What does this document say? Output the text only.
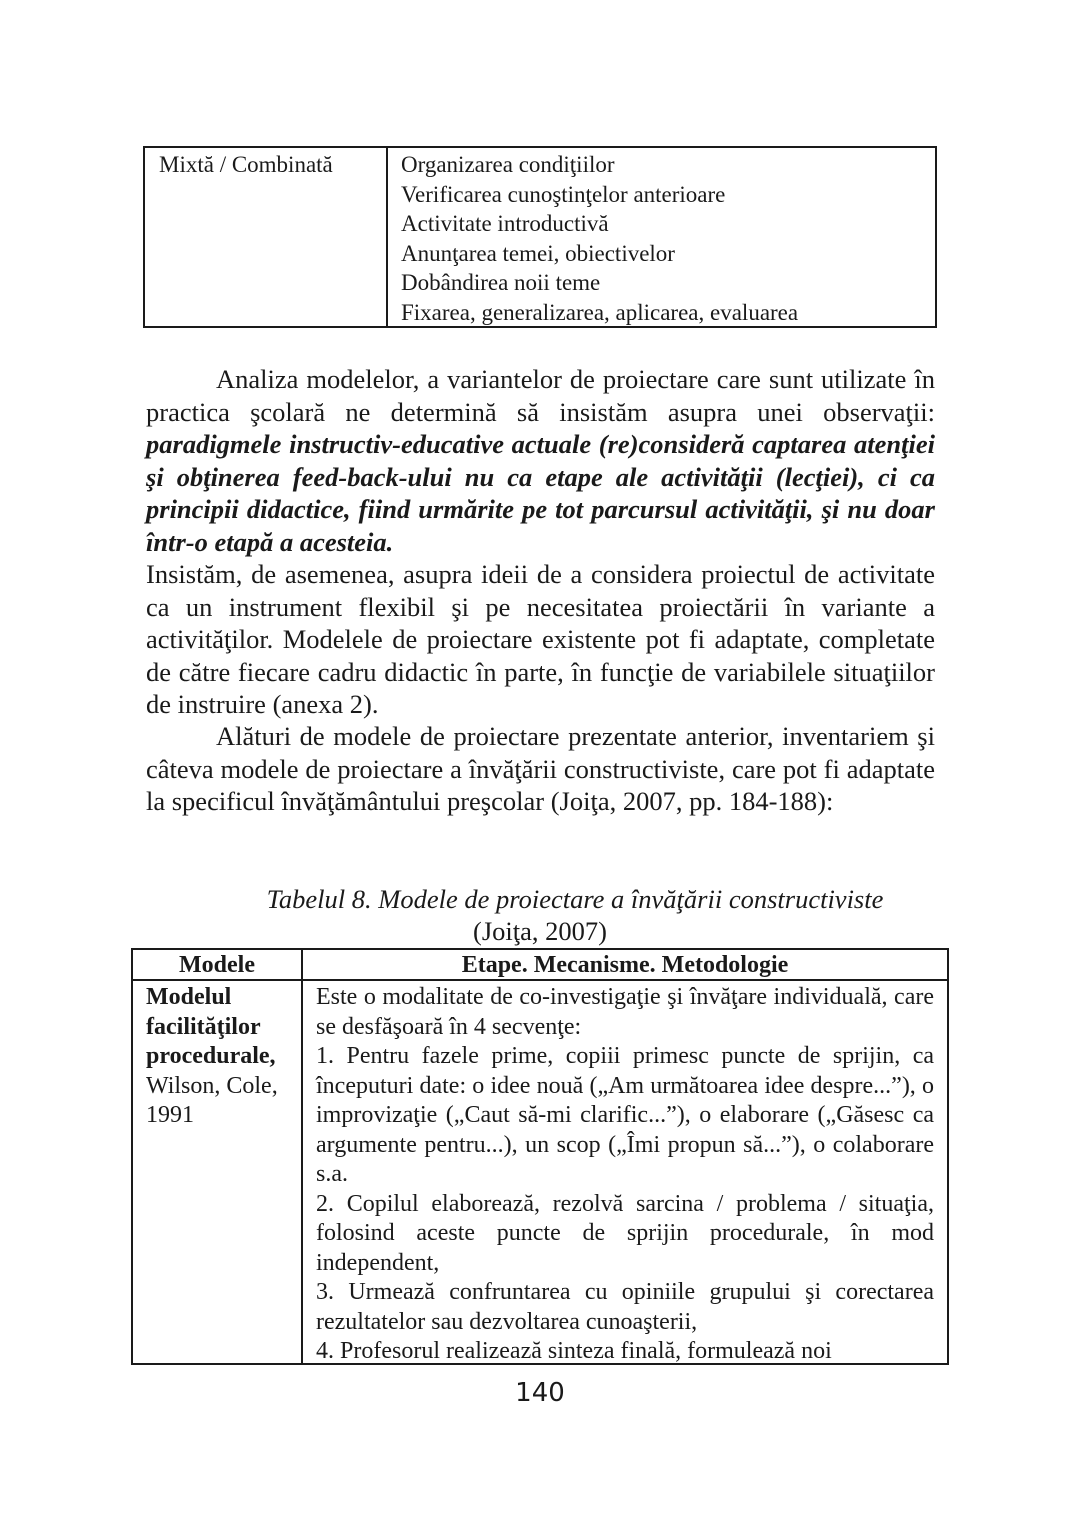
Mixtă / Combinată	Organizarea condiţiilor
Verificarea cunoştinţelor anterioare
Activitate introductivă
Anunţarea temei, obiectivelor
Dobândirea noii teme
Fixarea, generalizarea, aplicarea, evaluarea

Analiza modelelor, a variantelor de proiectare care sunt utilizate în practica şcolară ne determină să insistăm asupra unei observaţii: paradigmele instructiv-educative actuale (re)consideră captarea atenţiei şi obţinerea feed-back-ului nu ca etape ale activităţii (lecţiei), ci ca principii didactice, fiind urmărite pe tot parcursul activităţii, şi nu doar într-o etapă a acesteia.

Insistăm, de asemenea, asupra ideii de a considera proiectul de activitate ca un instrument flexibil şi pe necesitatea proiectării în variante a activităţilor. Modelele de proiectare existente pot fi adaptate, completate de către fiecare cadru didactic în parte, în funcţie de variabilele situaţiilor de instruire (anexa 2).

Alături de modele de proiectare prezentate anterior, inventariem şi câteva modele de proiectare a învăţării constructiviste, care pot fi adaptate la specificul învăţământului preşcolar (Joiţa, 2007, pp. 184-188):

Tabelul 8. Modele de proiectare a învăţării constructiviste
(Joiţa, 2007)
Modele	Etape. Mecanisme. Metodologie
Modelul
facilităţilor
procedurale,
Wilson, Cole, 1991
Este o modalitate de co-investigaţie şi învăţare individuală, care se desfăşoară în 4 secvenţe:
1. Pentru fazele prime, copiii primesc puncte de sprijin, ca începuturi date: o idee nouă („Am următoarea idee despre...”), o improvizaţie („Caut să-mi clarific...”), o elaborare („Găsesc ca argumente pentru...), un scop („Îmi propun să...”), o colaborare s.a.
2. Copilul elaborează, rezolvă sarcina / problema / situaţia, folosind aceste puncte de sprijin procedurale, în mod independent,
3. Urmează confruntarea cu opiniile grupului şi corectarea rezultatelor sau dezvoltarea cunoaşterii,
4. Profesorul realizează sinteza finală, formulează noi
140
